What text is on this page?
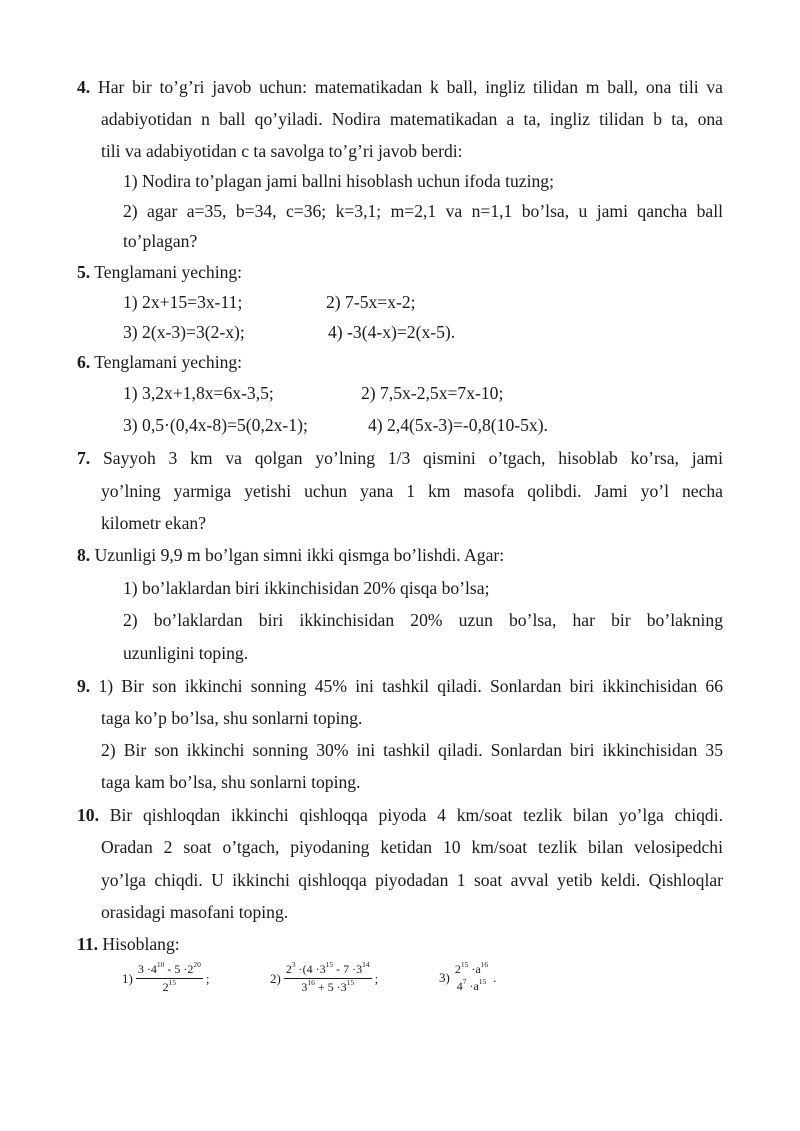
4. Har bir to’g’ri javob uchun: matematikadan k ball, ingliz tilidan m ball, ona tili va
adabiyotidan n ball qo’yiladi. Nodira matematikadan a ta, ingliz tilidan b ta, ona
tili va adabiyotidan c ta savolga to’g’ri javob berdi:
1) Nodira to’plagan jami ballni hisoblash uchun ifoda tuzing;
2) agar a=35, b=34, c=36; k=3,1; m=2,1 va n=1,1 bo’lsa, u jami qancha ball
to’plagan?
5. Tenglamani yeching:
1) 2x+15=3x-11;	2) 7-5x=x-2;
3) 2(x-3)=3(2-x);	4) -3(4-x)=2(x-5).
6. Tenglamani yeching:
1) 3,2x+1,8x=6x-3,5;	2) 7,5x-2,5x=7x-10;
3) 0,5·(0,4x-8)=5(0,2x-1);	4) 2,4(5x-3)=-0,8(10-5x).
7. Sayyoh 3 km va qolgan yo’lning 1/3 qismini o’tgach, hisoblab ko’rsa, jami
yo’lning yarmiga yetishi uchun yana 1 km masofa qolibdi. Jami yo’l necha
kilometr ekan?
8. Uzunligi 9,9 m bo’lgan simni ikki qismga bo’lishdi. Agar:
1) bo’laklardan biri ikkinchisidan 20% qisqa bo’lsa;
2) bo’laklardan biri ikkinchisidan 20% uzun bo’lsa, har bir bo’lakning
uzunligini toping.
9. 1) Bir son ikkinchi sonning 45% ini tashkil qiladi. Sonlardan biri ikkinchisidan 66
taga ko’p bo’lsa, shu sonlarni toping.
2) Bir son ikkinchi sonning 30% ini tashkil qiladi. Sonlardan biri ikkinchisidan 35
taga kam bo’lsa, shu sonlarni toping.
10. Bir qishloqdan ikkinchi qishloqqa piyoda 4 km/soat tezlik bilan yo’lga chiqdi.
Oradan 2 soat o’tgach, piyodaning ketidan 10 km/soat tezlik bilan velosipedchi
yo’lga chiqdi. U ikkinchi qishloqqa piyodadan 1 soat avval yetib keldi. Qishloqlar
orasidagi masofani toping.
11. Hisoblang:
$1) \frac{3 \cdot 4^{10} - 5 \cdot 2^{20}}{2^{15}}$ ;	$2) \frac{2^3 \cdot(4 \cdot 3^{15} - 7 \cdot 3^{14}}{3^{16} + 5 \cdot 3^{15}}$ ;	3)
$2^{15} \cdot a^{16}$
$4^7 \cdot a^{15}$ .
